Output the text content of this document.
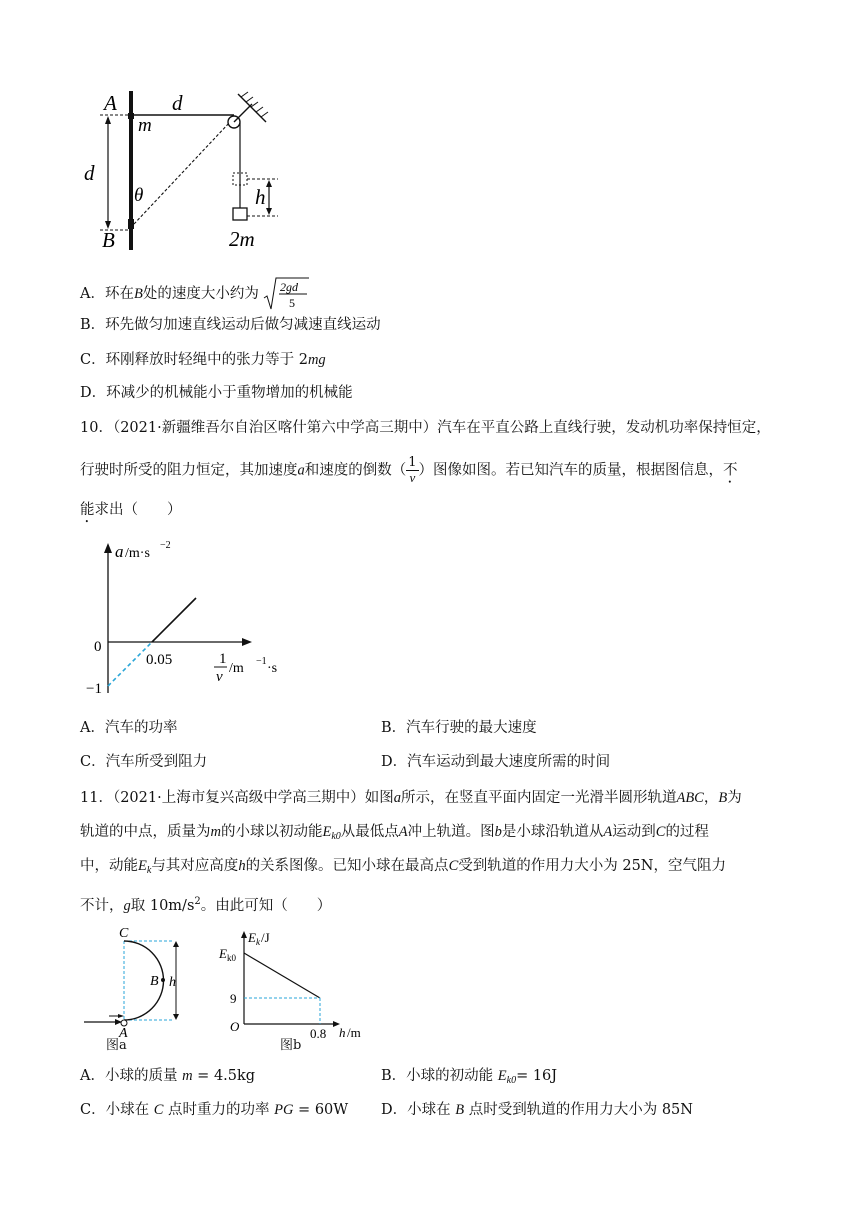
A
B
d
d
m
θ	h
2m
A．环在B处的速度大小约为 2gd
5
B．环先做匀加速直线运动后做匀减速直线运动
C．环刚释放时轻绳中的张力等于 2mg
D．环减少的机械能小于重物增加的机械能
10．（2021·新疆维吾尔自治区喀什第六中学高三期中）汽车在平直公路上直线行驶，发动机功率保持恒定，
行驶时所受的阻力恒定，其加速度a和速度的倒数（ $\frac{1}{v}$ ）图像如图。若已知汽车的质量，根据图信息，不
能求出（　　）
a /m·s
−2
0
−1
0.05	1
v
/m −1 ·s
A．汽车的功率	B．汽车行驶的最大速度
C．汽车所受到阻力	D．汽车运动到最大速度所需的时间
11．（2021·上海市复兴高级中学高三期中）如图a所示，在竖直平面内固定一光滑半圆形轨道ABC，B为
轨道的中点，质量为m的小球以初动能$E_{k0}$从最低点A冲上轨道。图b是小球沿轨道从A运动到C的过程
中，动能$E_k$与其对应高度h的关系图像。已知小球在最高点C受到轨道的作用力大小为 25N，空气阻力
不计，g取 $10m/s^2$。由此可知（　　）
C
B h
A
图a
E k /J
E k0
9
O	0.8 h /m
图b
A．小球的质量 m = 4.5kg	B．小球的初动能 $E_{k0}= 16J$
C．小球在 C 点时重力的功率 PG = 60W D．小球在 B 点时受到轨道的作用力大小为 85N
